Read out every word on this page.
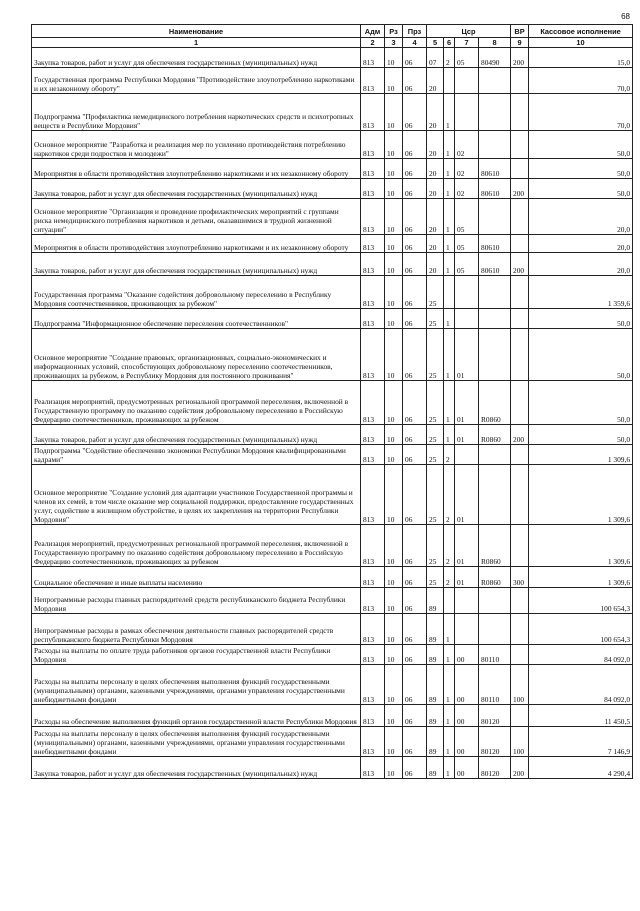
68
Наименование	Адм	Рз	Прз	Цср				ВР	Кассовое исполнение
1	2	3	4	5	6	7	8	9	10
Закупка товаров, работ и услуг для обеспечения государственных (муниципальных) нужд	813	10	06	07	2	05	80490	200	15,0
Государственная программа Республики Мордовия "Противодействие злоупотреблению наркотиками и их незаконному обороту"	813	10	06	20					70,0
Подпрограмма "Профилактика немедицинского потребления наркотических средств и психотропных веществ в Республике Мордовия"	813	10	06	20	1				70,0
Основное мероприятие "Разработка и реализация мер по усилению противодействия потреблению наркотиков среди подростков и молодежи"	813	10	06	20	1	02			50,0
Мероприятия в области противодействия злоупотреблению наркотиками и их незаконному обороту	813	10	06	20	1	02	80610		50,0
Закупка товаров, работ и услуг для обеспечения государственных (муниципальных) нужд	813	10	06	20	1	02	80610	200	50,0
Основное мероприятие "Организация и проведение профилактических мероприятий с группами риска немедицинского потребления наркотиков и детьми, оказавшимися в трудной жизненной ситуации"	813	10	06	20	1	05			20,0
Мероприятия в области противодействия злоупотреблению наркотиками и их незаконному обороту	813	10	06	20	1	05	80610		20,0
Закупка товаров, работ и услуг для обеспечения государственных (муниципальных) нужд	813	10	06	20	1	05	80610	200	20,0
Государственная программа "Оказание содействия добровольному переселению в Республику Мордовия соотечественников, проживающих за рубежом"	813	10	06	25					1 359,6
Подпрограмма "Информационное обеспечение переселения соотечественников"	813	10	06	25	1				50,0
Основное мероприятие "Создание правовых, организационных, социально-экономических и информационных условий, способствующих добровольному переселению соотечественников, проживающих за рубежом, в Республику Мордовия для постоянного проживания"	813	10	06	25	1	01			50,0
Реализация мероприятий, предусмотренных региональной программой переселения, включенной в Государственную программу по оказанию содействия добровольному переселению в Российскую Федерацию соотечественников, проживающих за рубежом	813	10	06	25	1	01	R0860		50,0
Закупка товаров, работ и услуг для обеспечения государственных (муниципальных) нужд	813	10	06	25	1	01	R0860	200	50,0
Подпрограмма "Содействие обеспечению экономики Республики Мордовия квалифицированными кадрами"	813	10	06	25	2				1 309,6
Основное мероприятие "Создание условий для адаптации участников Государственной программы и членов их семей, в том числе оказание мер социальной поддержки, предоставление государственных услуг, содействие в жилищном обустройстве, в целях их закрепления на территории Республики Мордовия"	813	10	06	25	2	01			1 309,6
Реализация мероприятий, предусмотренных региональной программой переселения, включенной в Государственную программу по оказанию содействия добровольному переселению в Российскую Федерацию соотечественников, проживающих за рубежом	813	10	06	25	2	01	R0860		1 309,6
Социальное обеспечение и иные выплаты населению	813	10	06	25	2	01	R0860	300	1 309,6
Непрограммные расходы главных распорядителей средств республиканского бюджета Республики Мордовия	813	10	06	89					100 654,3
Непрограммные расходы в рамках обеспечения деятельности главных распорядителей средств республиканского бюджета Республики Мордовия	813	10	06	89	1				100 654,3
Расходы на выплаты по оплате труда работников органов государственной власти Республики Мордовия	813	10	06	89	1	00	80110		84 092,0
Расходы на выплаты персоналу в целях обеспечения выполнения функций государственными (муниципальными) органами, казенными учреждениями, органами управления государственными внебюджетными фондами	813	10	06	89	1	00	80110	100	84 092,0
Расходы на обеспечение выполнения функций органов государственной власти Республики Мордовия	813	10	06	89	1	00	80120		11 450,5
Расходы на выплаты персоналу в целях обеспечения выполнения функций государственными (муниципальными) органами, казенными учреждениями, органами управления государственными внебюджетными фондами	813	10	06	89	1	00	80120	100	7 146,9
Закупка товаров, работ и услуг для обеспечения государственных (муниципальных) нужд	813	10	06	89	1	00	80120	200	4 290,4
